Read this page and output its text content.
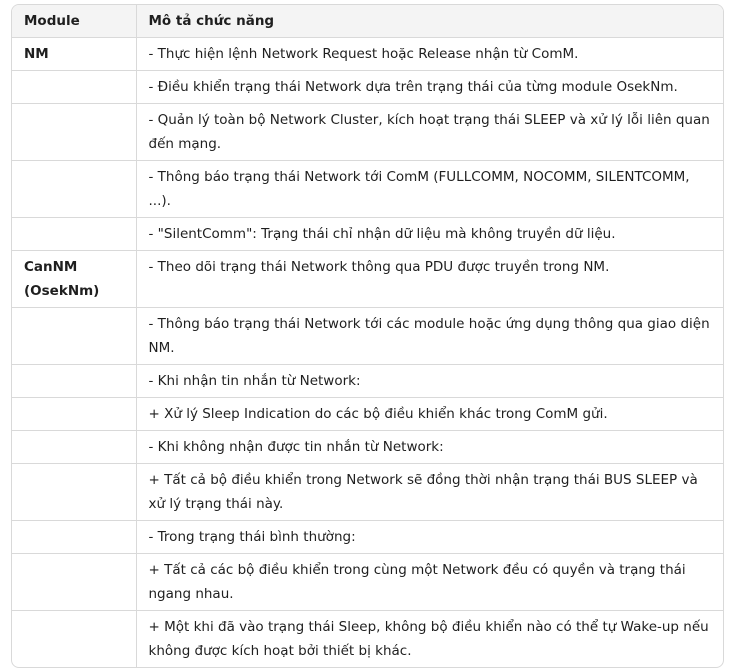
Module	Mô tả chức năng
NM	- Thực hiện lệnh Network Request hoặc Release nhận từ ComM.
	- Điều khiển trạng thái Network dựa trên trạng thái của từng module OsekNm.
	- Quản lý toàn bộ Network Cluster, kích hoạt trạng thái SLEEP và xử lý lỗi liên quan đến mạng.
	- Thông báo trạng thái Network tới ComM (FULLCOMM, NOCOMM, SILENTCOMM, ...).
	- "SilentComm": Trạng thái chỉ nhận dữ liệu mà không truyền dữ liệu.
CanNM (OsekNm)	- Theo dõi trạng thái Network thông qua PDU được truyền trong NM.
	- Thông báo trạng thái Network tới các module hoặc ứng dụng thông qua giao diện NM.
	- Khi nhận tin nhắn từ Network:
	+ Xử lý Sleep Indication do các bộ điều khiển khác trong ComM gửi.
	- Khi không nhận được tin nhắn từ Network:
	+ Tất cả bộ điều khiển trong Network sẽ đồng thời nhận trạng thái BUS SLEEP và xử lý trạng thái này.
	- Trong trạng thái bình thường:
	+ Tất cả các bộ điều khiển trong cùng một Network đều có quyền và trạng thái ngang nhau.
	+ Một khi đã vào trạng thái Sleep, không bộ điều khiển nào có thể tự Wake-up nếu không được kích hoạt bởi thiết bị khác.
